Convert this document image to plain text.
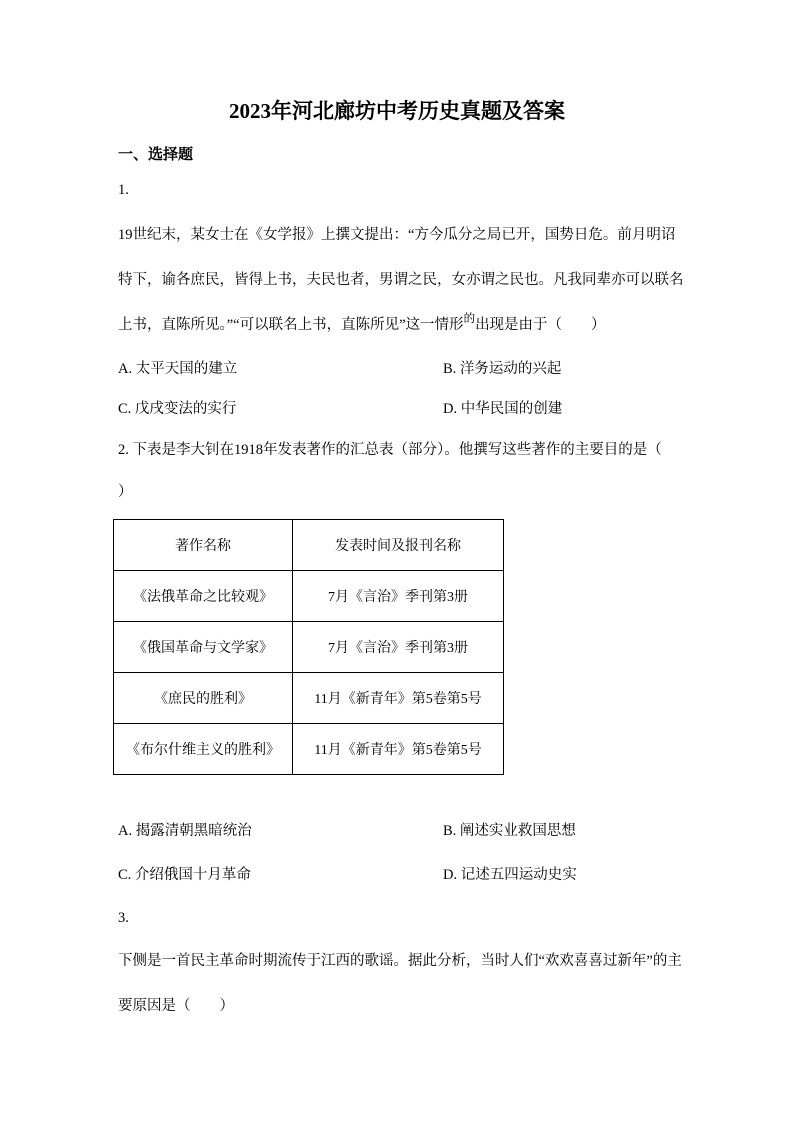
2023年河北廊坊中考历史真题及答案
一、选择题
1.
19世纪末，某女士在《女学报》上撰文提出：“方今瓜分之局已开，国势日危。前月明诏
特下，谕各庶民，皆得上书，夫民也者，男谓之民，女亦谓之民也。凡我同辈亦可以联名
上书，直陈所见。”“可以联名上书，直陈所见”这一情形$^的$出现是由于（　　）
A. 太平天国的建立	B. 洋务运动的兴起
C. 戊戌变法的实行	D. 中华民国的创建
2. 下表是李大钊在1918年发表著作的汇总表（部分）。他撰写这些著作的主要目的是（
）
著作名称	发表时间及报刊名称
《法俄革命之比较观》	7月《言治》季刊第3册
《俄国革命与文学家》	7月《言治》季刊第3册
《庶民的胜利》	11月《新青年》第5卷第5号
《布尔什维主义的胜利》	11月《新青年》第5卷第5号
A. 揭露清朝黑暗统治	B. 阐述实业救国思想
C. 介绍俄国十月革命	D. 记述五四运动史实
3.
下侧是一首民主革命时期流传于江西的歌谣。据此分析，当时人们“欢欢喜喜过新年”的主
要原因是（　　）
